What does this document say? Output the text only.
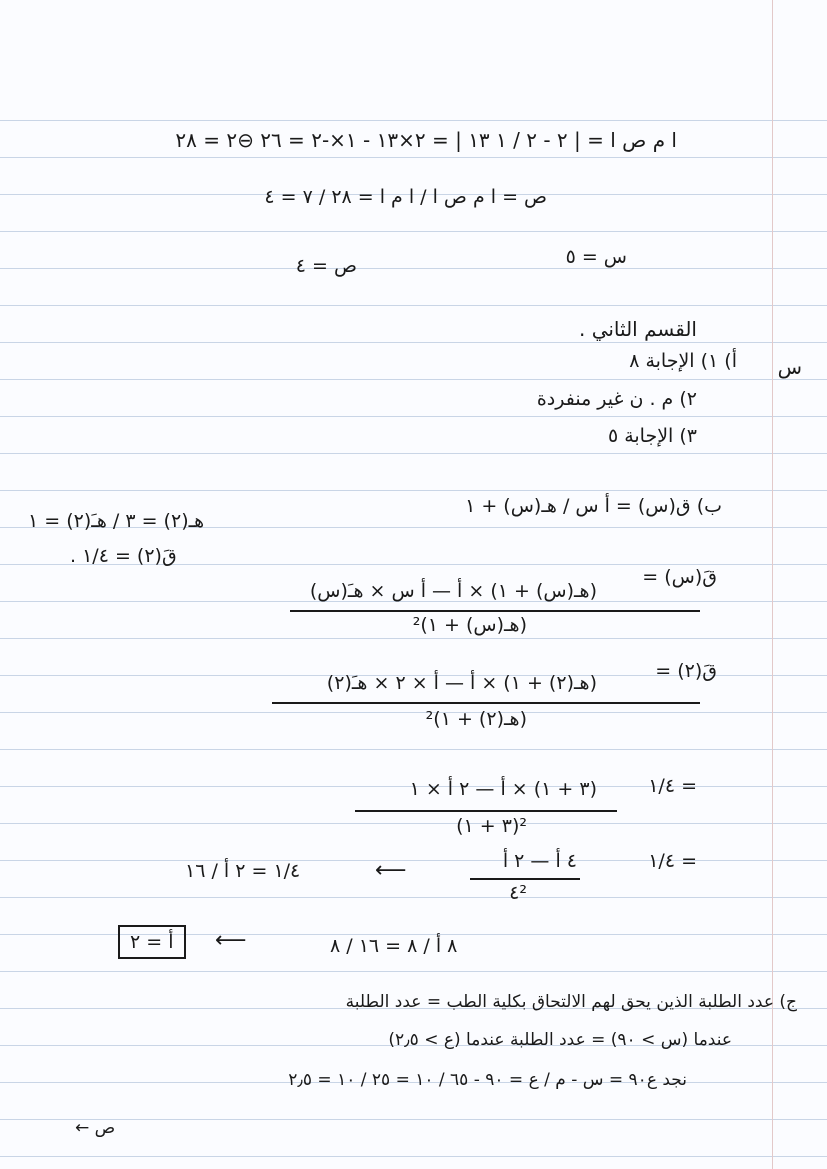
ا م ص ا = | ٢ - ٢ / ١ ١٣ | = ٢×١٣ - ١×-٢ = ٢٦ ⊖٢ = ٢٨
ص = ا م ص ا / ا م ا = ٢٨ / ٧ = ٤
ص = ٤	س = ٥
القسم الثاني .
س
أ) ١) الإجابة ٨
٢) م . ن غير منفردة
٣) الإجابة ٥
هـ(٢) = ٣ / هـَ(٢) = ١
قَ(٢) = ١/٤ .
ب) ق(س) = أ س / هـ(س) + ١
قَ(س) =
(هـ(س) + ١) × أ — أ س × هـَ(س)
(هـ(س) + ١)²
قَ(٢) =
(هـ(٢) + ١) × أ — أ × ٢ × هـَ(٢)
(هـ(٢) + ١)²
١/٤ =
(٣ + ١) × أ — ٢ أ × ١
(٣ + ١)²
١/٤ =
٤ أ — ٢ أ
٤²
⟵
١/٤ = ٢ أ / ١٦
٨ أ / ٨ = ١٦ / ٨
⟵
أ = ٢
ج) عدد الطلبة الذين يحق لهم الالتحاق بكلية الطب = عدد الطلبة
عندما (س > ٩٠) = عدد الطلبة عندما (ع > ٢٫٥)
نجد ع٩٠ = س - م / ع = ٩٠ - ٦٥ / ١٠ = ٢٥ / ١٠ = ٢٫٥
ص ←
